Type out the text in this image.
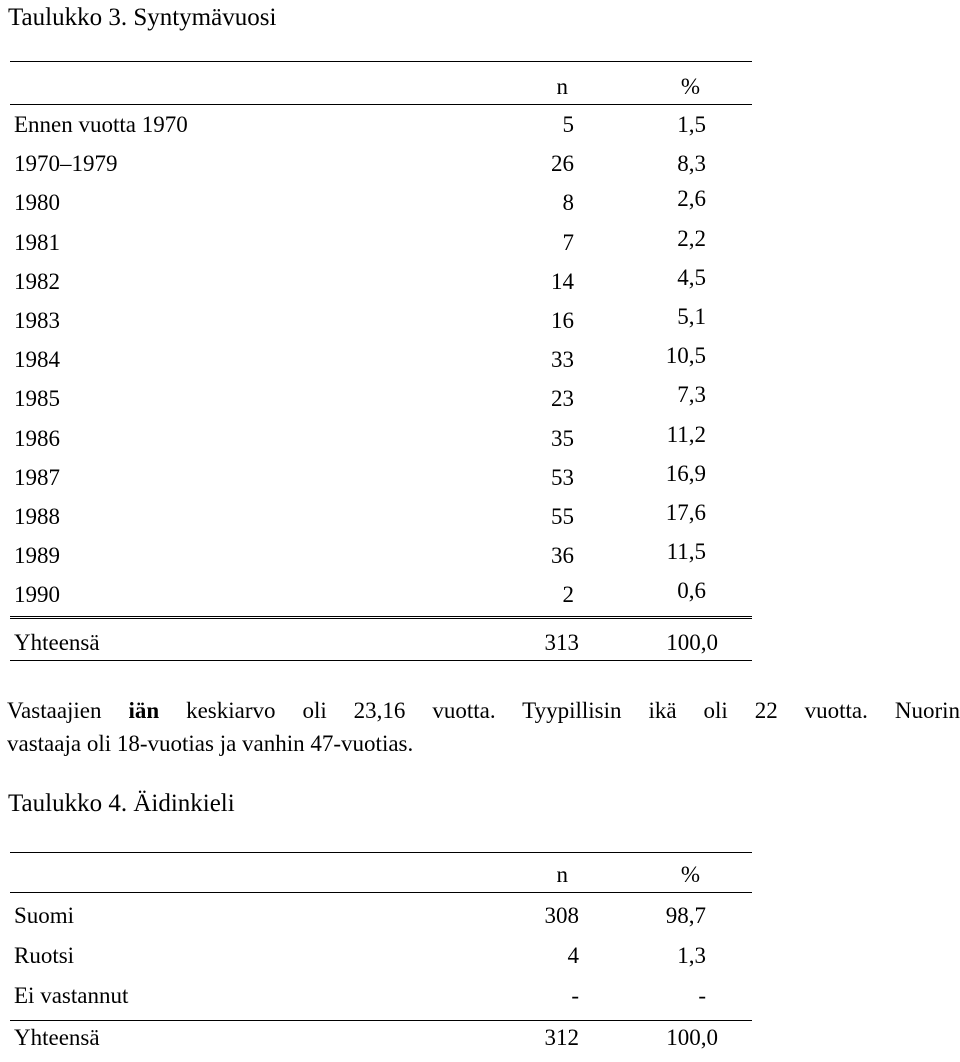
Taulukko 3. Syntymävuosi
n	%
Ennen vuotta 1970	5	1,5
1970–1979	26	8,3
1980	8	2,6
1981	7	2,2
1982	14	4,5
1983	16	5,1
1984	33	10,5
1985	23	7,3
1986	35	11,2
1987	53	16,9
1988	55	17,6
1989	36	11,5
1990	2	0,6
Yhteensä	313	100,0
Vastaajien iän keskiarvo oli 23,16 vuotta. Tyypillisin ikä oli 22 vuotta. Nuorin
vastaaja oli 18-vuotias ja vanhin 47-vuotias.
Taulukko 4. Äidinkieli
n	%
Suomi	308	98,7
Ruotsi	4	1,3
Ei vastannut	-	-
Yhteensä	312	100,0
